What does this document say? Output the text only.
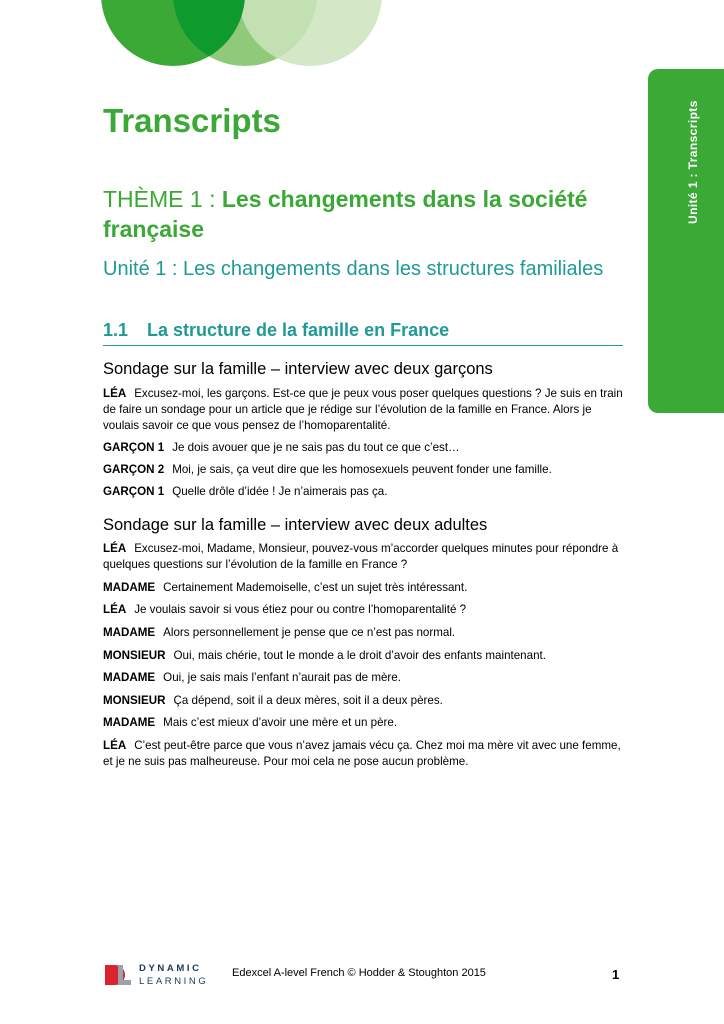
Unité 1 : Transcripts
Transcripts
THÈME 1 : Les changements dans la société française
Unité 1 : Les changements dans les structures familiales
1.1 La structure de la famille en France
Sondage sur la famille – interview avec deux garçons
LÉA Excusez-moi, les garçons. Est-ce que je peux vous poser quelques questions ? Je suis en train de faire un sondage pour un article que je rédige sur l’évolution de la famille en France. Alors je voulais savoir ce que vous pensez de l’homoparentalité.
GARÇON 1 Je dois avouer que je ne sais pas du tout ce que c’est…
GARÇON 2 Moi, je sais, ça veut dire que les homosexuels peuvent fonder une famille.
GARÇON 1 Quelle drôle d’idée ! Je n’aimerais pas ça.
Sondage sur la famille – interview avec deux adultes
LÉA Excusez-moi, Madame, Monsieur, pouvez-vous m’accorder quelques minutes pour répondre à quelques questions sur l’évolution de la famille en France ?
MADAME Certainement Mademoiselle, c’est un sujet très intéressant.
LÉA Je voulais savoir si vous étiez pour ou contre l’homoparentalité ?
MADAME Alors personnellement je pense que ce n’est pas normal.
MONSIEUR Oui, mais chérie, tout le monde a le droit d’avoir des enfants maintenant.
MADAME Oui, je sais mais l’enfant n’aurait pas de mère.
MONSIEUR Ça dépend, soit il a deux mères, soit il a deux pères.
MADAME Mais c’est mieux d’avoir une mère et un père.
LÉA C’est peut-être parce que vous n’avez jamais vécu ça. Chez moi ma mère vit avec une femme, et je ne suis pas malheureuse. Pour moi cela ne pose aucun problème.
DYNAMIC
LEARNING
Edexcel A-level French © Hodder & Stoughton 2015	1
